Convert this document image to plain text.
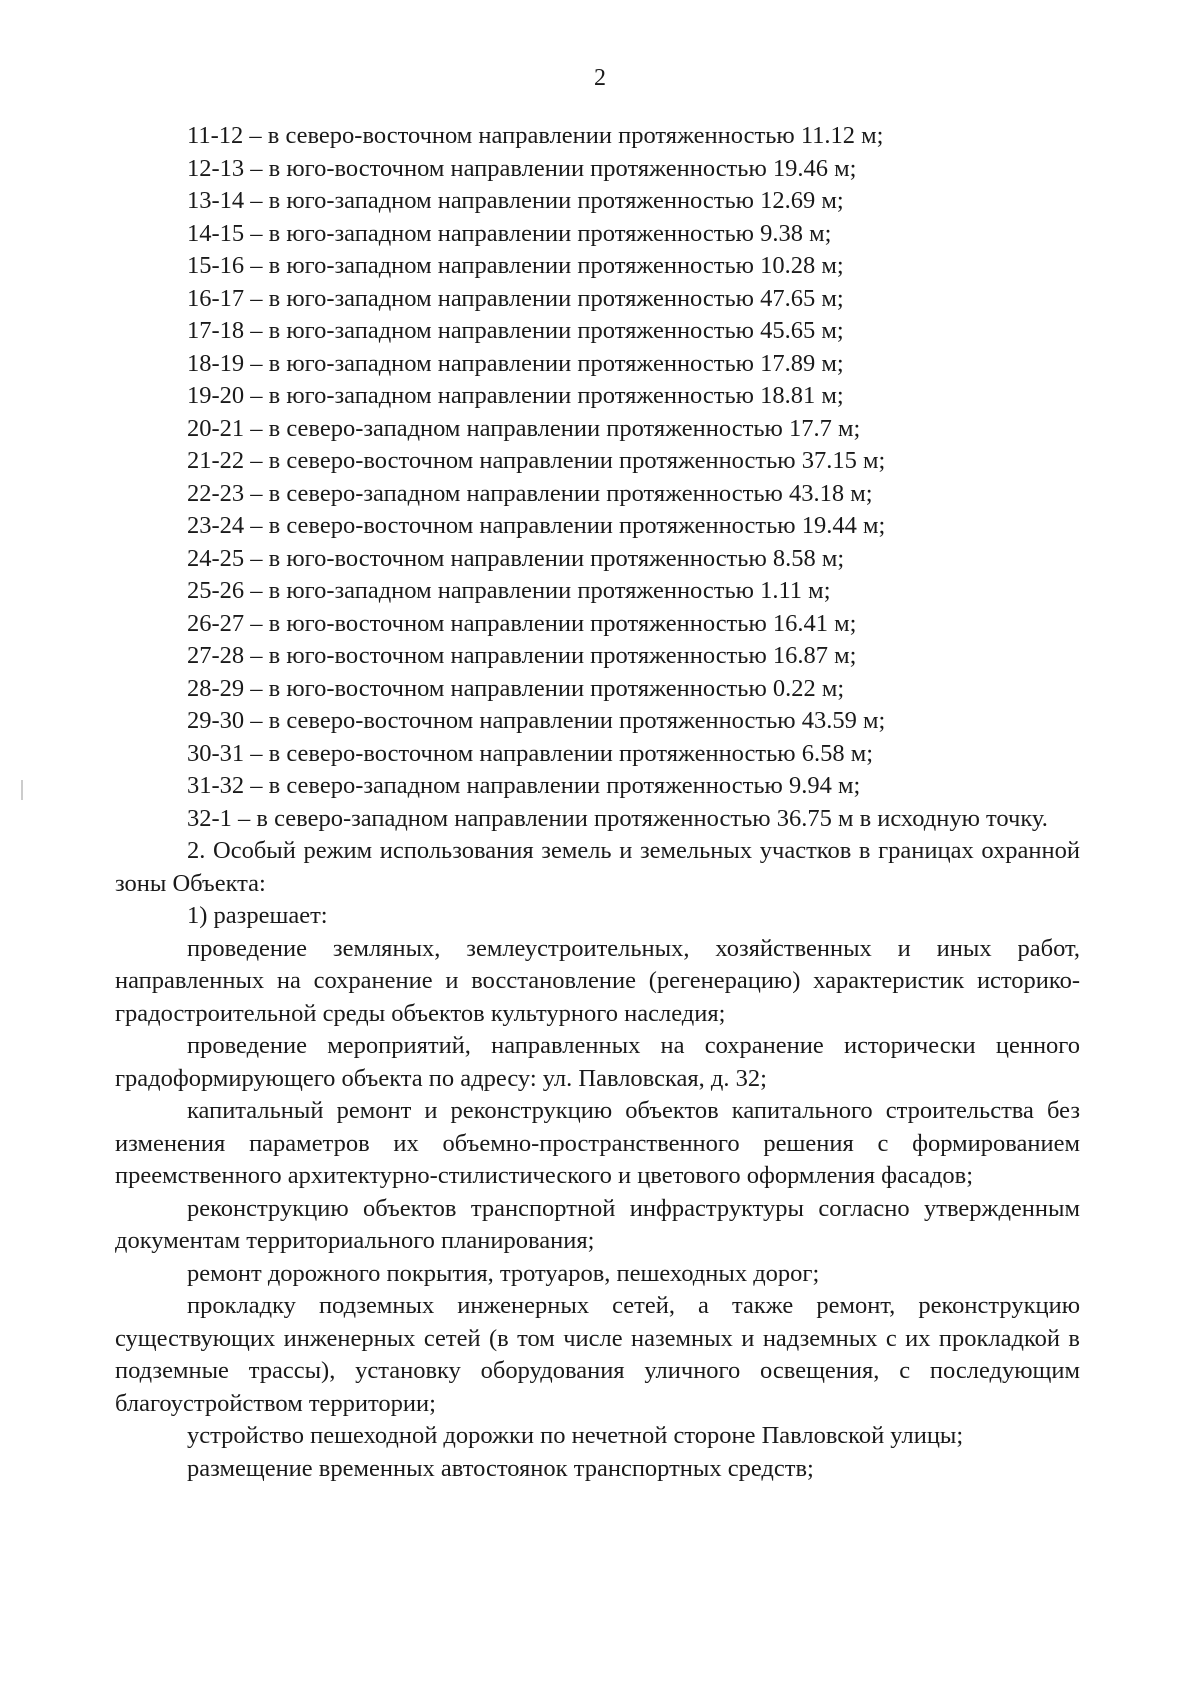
2

11-12 – в северо-восточном направлении протяженностью 11.12 м;

12-13 – в юго-восточном направлении протяженностью 19.46 м;

13-14 – в юго-западном направлении протяженностью 12.69 м;

14-15 – в юго-западном направлении протяженностью 9.38 м;

15-16 – в юго-западном направлении протяженностью 10.28 м;

16-17 – в юго-западном направлении протяженностью 47.65 м;

17-18 – в юго-западном направлении протяженностью 45.65 м;

18-19 – в юго-западном направлении протяженностью 17.89 м;

19-20 – в юго-западном направлении протяженностью 18.81 м;

20-21 – в северо-западном направлении протяженностью 17.7 м;

21-22 – в северо-восточном направлении протяженностью 37.15 м;

22-23 – в северо-западном направлении протяженностью 43.18 м;

23-24 – в северо-восточном направлении протяженностью 19.44 м;

24-25 – в юго-восточном направлении протяженностью 8.58 м;

25-26 – в юго-западном направлении протяженностью 1.11 м;

26-27 – в юго-восточном направлении протяженностью 16.41 м;

27-28 – в юго-восточном направлении протяженностью 16.87 м;

28-29 – в юго-восточном направлении протяженностью 0.22 м;

29-30 – в северо-восточном направлении протяженностью 43.59 м;

30-31 – в северо-восточном направлении протяженностью 6.58 м;

31-32 – в северо-западном направлении протяженностью 9.94 м;

32-1 – в северо-западном направлении протяженностью 36.75 м в исходную точку.

2. Особый режим использования земель и земельных участков в границах охранной зоны Объекта:

1) разрешает:

проведение земляных, землеустроительных, хозяйственных и иных работ, направленных на сохранение и восстановление (регенерацию) характеристик историко-градостроительной среды объектов культурного наследия;

проведение мероприятий, направленных на сохранение исторически ценного градоформирующего объекта по адресу: ул. Павловская, д. 32;

капитальный ремонт и реконструкцию объектов капитального строительства без изменения параметров их объемно-пространственного решения с формированием преемственного архитектурно-стилистического и цветового оформления фасадов;

реконструкцию объектов транспортной инфраструктуры согласно утвержденным документам территориального планирования;

ремонт дорожного покрытия, тротуаров, пешеходных дорог;

прокладку подземных инженерных сетей, а также ремонт, реконструкцию существующих инженерных сетей (в том числе наземных и надземных с их прокладкой в подземные трассы), установку оборудования уличного освещения, с последующим благоустройством территории;

устройство пешеходной дорожки по нечетной стороне Павловской улицы;

размещение временных автостоянок транспортных средств;
